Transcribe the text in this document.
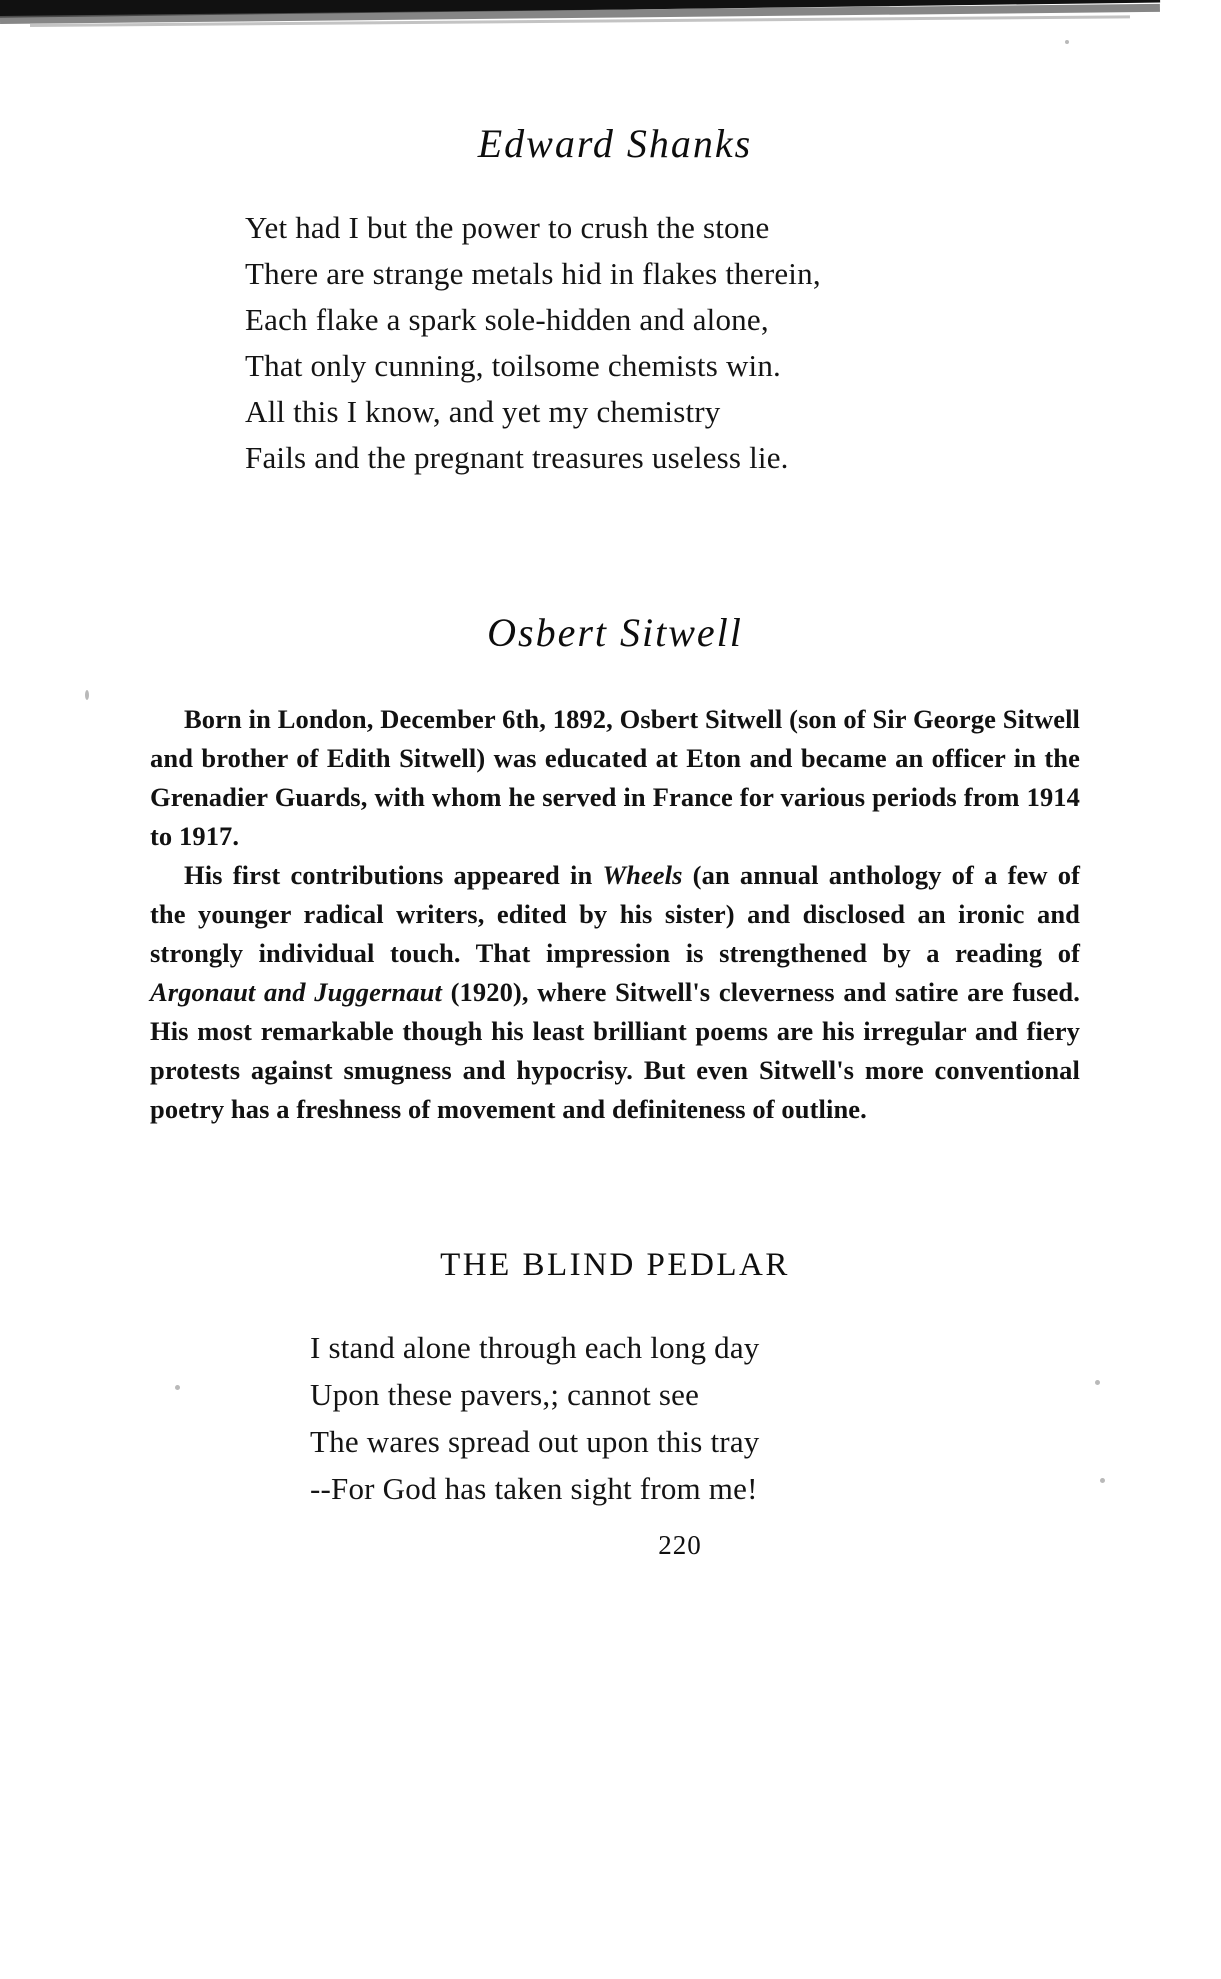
Edward Shanks
Yet had I but the power to crush the stone
There are strange metals hid in flakes therein,
Each flake a spark sole-hidden and alone,
That only cunning, toilsome chemists win.
All this I know, and yet my chemistry
Fails and the pregnant treasures useless lie.
Osbert Sitwell

Born in London, December 6th, 1892, Osbert Sitwell (son of Sir George Sitwell and brother of Edith Sitwell) was educated at Eton and became an officer in the Grenadier Guards, with whom he served in France for various periods from 1914 to 1917.

His first contributions appeared in Wheels (an annual anthology of a few of the younger radical writers, edited by his sister) and disclosed an ironic and strongly individual touch. That impression is strengthened by a reading of Argonaut and Juggernaut (1920), where Sitwell's cleverness and satire are fused. His most remarkable though his least brilliant poems are his irregular and fiery protests against smugness and hypocrisy. But even Sitwell's more conventional poetry has a freshness of movement and definiteness of outline.

THE BLIND PEDLAR
I stand alone through each long day
Upon these pavers,; cannot see
The wares spread out upon this tray
--For God has taken sight from me!
220
